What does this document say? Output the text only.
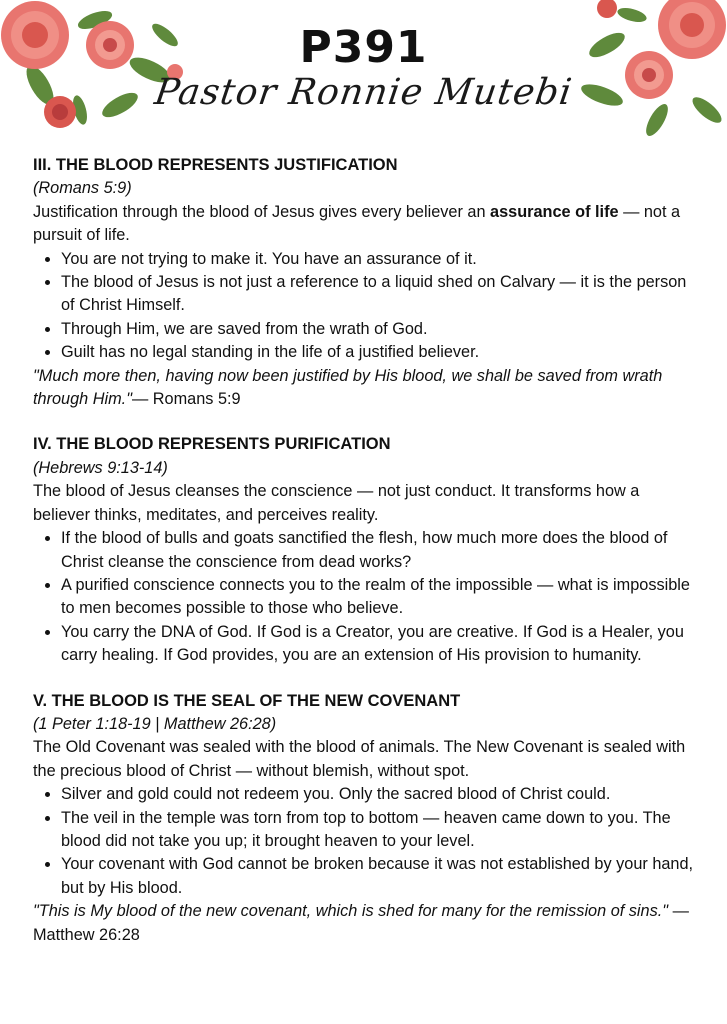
P391
Pastor Ronnie Mutebi
III. THE BLOOD REPRESENTS JUSTIFICATION
(Romans 5:9)
Justification through the blood of Jesus gives every believer an assurance of life — not a pursuit of life.
• You are not trying to make it. You have an assurance of it.
• The blood of Jesus is not just a reference to a liquid shed on Calvary — it is the person of Christ Himself.
• Through Him, we are saved from the wrath of God.
• Guilt has no legal standing in the life of a justified believer.
"Much more then, having now been justified by His blood, we shall be saved from wrath through Him."— Romans 5:9
IV. THE BLOOD REPRESENTS PURIFICATION
(Hebrews 9:13-14)
The blood of Jesus cleanses the conscience — not just conduct. It transforms how a believer thinks, meditates, and perceives reality.
• If the blood of bulls and goats sanctified the flesh, how much more does the blood of Christ cleanse the conscience from dead works?
• A purified conscience connects you to the realm of the impossible — what is impossible to men becomes possible to those who believe.
• You carry the DNA of God. If God is a Creator, you are creative. If God is a Healer, you carry healing. If God provides, you are an extension of His provision to humanity.
V. THE BLOOD IS THE SEAL OF THE NEW COVENANT
(1 Peter 1:18-19 | Matthew 26:28)
The Old Covenant was sealed with the blood of animals. The New Covenant is sealed with the precious blood of Christ — without blemish, without spot.
• Silver and gold could not redeem you. Only the sacred blood of Christ could.
• The veil in the temple was torn from top to bottom — heaven came down to you. The blood did not take you up; it brought heaven to your level.
• Your covenant with God cannot be broken because it was not established by your hand, but by His blood.
"This is My blood of the new covenant, which is shed for many for the remission of sins." — Matthew 26:28
